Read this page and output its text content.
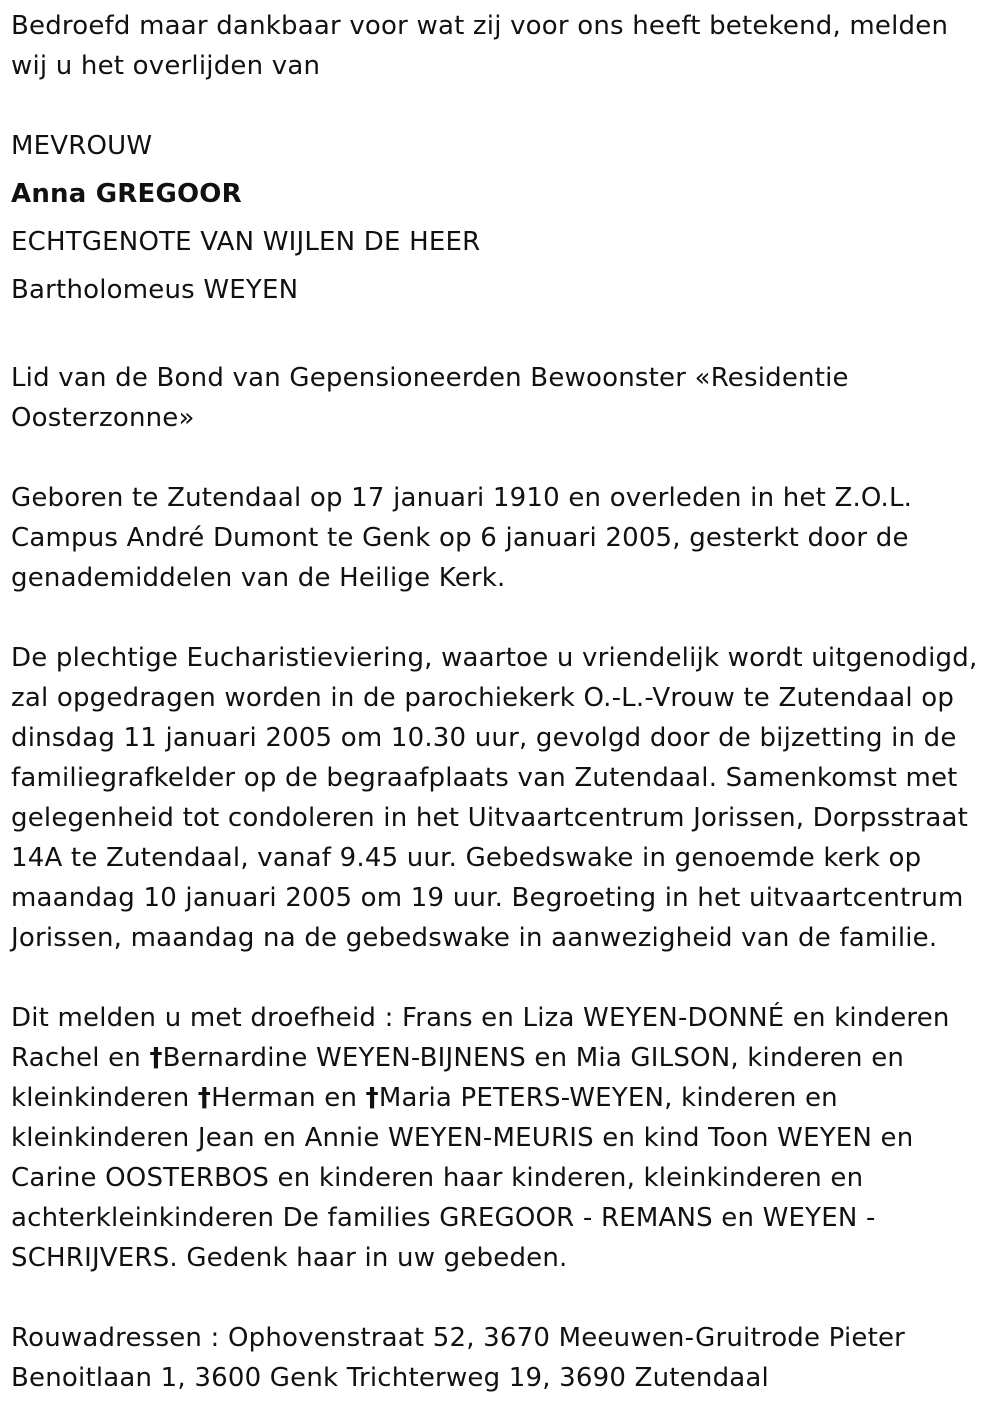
Bedroefd maar dankbaar voor wat zij voor ons heeft betekend, melden wij u het overlijden van

MEVROUW

Anna GREGOOR

ECHTGENOTE VAN WIJLEN DE HEER

Bartholomeus WEYEN

Lid van de Bond van Gepensioneerden Bewoonster «Residentie Oosterzonne»

Geboren te Zutendaal op 17 januari 1910 en overleden in het Z.O.L. Campus André Dumont te Genk op 6 januari 2005, gesterkt door de genademiddelen van de Heilige Kerk.

De plechtige Eucharistieviering, waartoe u vriendelijk wordt uitgenodigd, zal opgedragen worden in de parochiekerk O.-L.-Vrouw te Zutendaal op dinsdag 11 januari 2005 om 10.30 uur, gevolgd door de bijzetting in de familiegrafkelder op de begraafplaats van Zutendaal. Samenkomst met gelegenheid tot condoleren in het Uitvaartcentrum Jorissen, Dorpsstraat 14A te Zutendaal, vanaf 9.45 uur. Gebedswake in genoemde kerk op maandag 10 januari 2005 om 19 uur. Begroeting in het uitvaartcentrum Jorissen, maandag na de gebedswake in aanwezigheid van de familie.

Dit melden u met droefheid : Frans en Liza WEYEN-DONNÉ en kinderen Rachel en †Bernardine WEYEN-BIJNENS en Mia GILSON, kinderen en kleinkinderen †Herman en †Maria PETERS-WEYEN, kinderen en kleinkinderen Jean en Annie WEYEN-MEURIS en kind Toon WEYEN en Carine OOSTERBOS en kinderen haar kinderen, kleinkinderen en achterkleinkinderen De families GREGOOR - REMANS en WEYEN - SCHRIJVERS. Gedenk haar in uw gebeden.

Rouwadressen : Ophovenstraat 52, 3670 Meeuwen-Gruitrode Pieter Benoitlaan 1, 3600 Genk Trichterweg 19, 3690 Zutendaal
